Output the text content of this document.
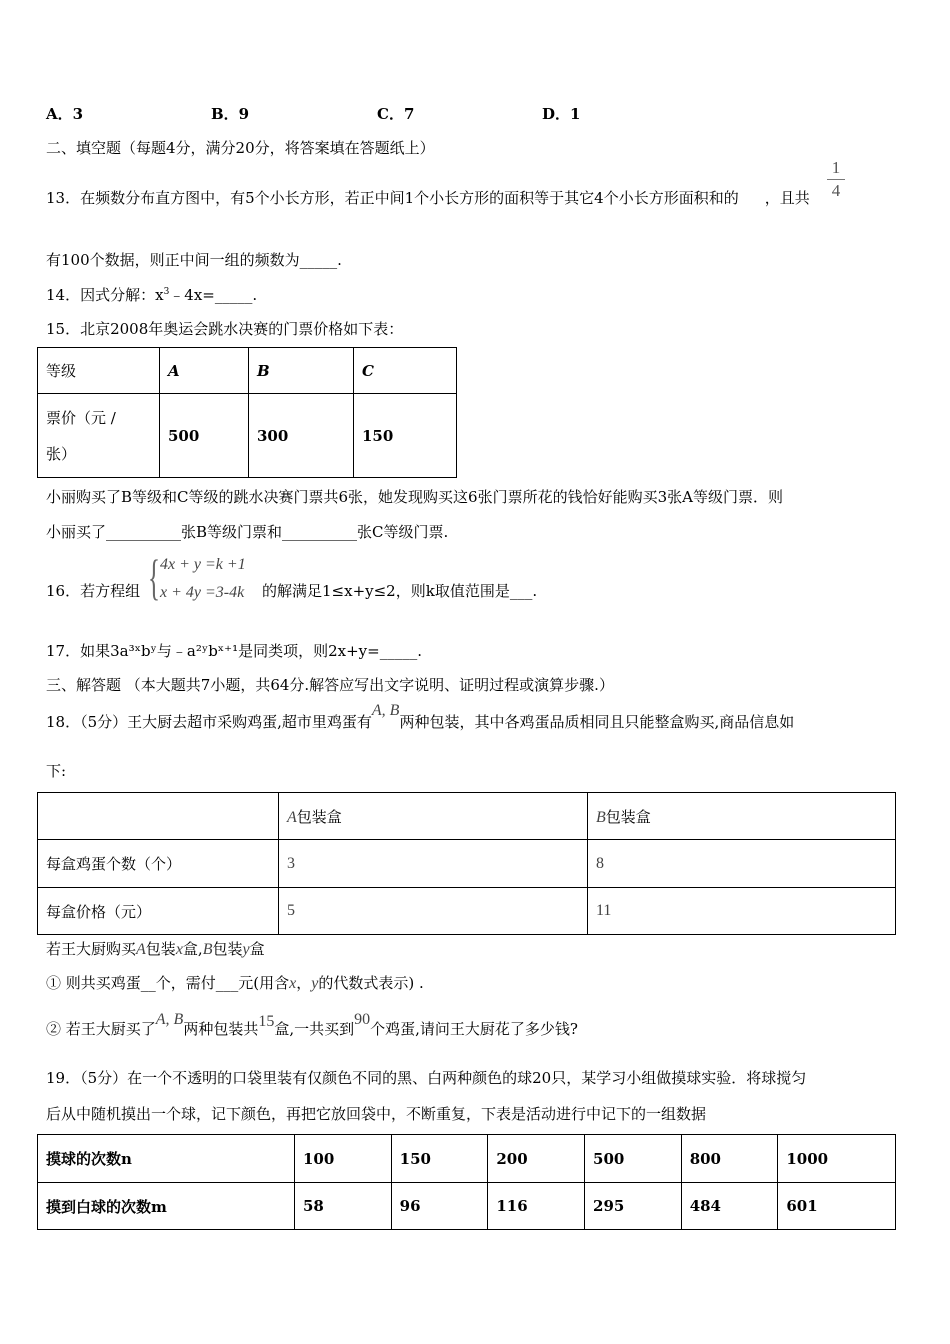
A．3	B．9	C．7	D．1
二、填空题（每题4分，满分20分，将答案填在答题纸上）
13．在频数分布直方图中，有5个小长方形，若正中间1个小长方形的面积等于其它4个小长方形面积和的 ，且共
1
4
有100个数据，则正中间一组的频数为_____.
14．因式分解：$x^3﹣4x=\_\_\_\_\_$.
15．北京2008年奥运会跳水决赛的门票价格如下表：
等级	A	B	C

票价（元 /
张）	500	300	150
小丽购买了B等级和C等级的跳水决赛门票共6张，她发现购买这6张门票所花的钱恰好能购买3张A等级门票．则
小丽买了__________张B等级门票和__________张C等级门票.
16．若方程组 { 4x + y =k +1
x + 4y =3-4k 的解满足1≤x+y≤2，则k取值范围是___.
17．如果3a³ˣbʸ与﹣a²ʸbˣ⁺¹是同类项，则2x+y=_____.
三、解答题 （本大题共7小题，共64分.解答应写出文字说明、证明过程或演算步骤.）
18．（5分）王大厨去超市采购鸡蛋,超市里鸡蛋有A, B两种包装，其中各鸡蛋品质相同且只能整盒购买,商品信息如
下:
	A包装盒	B包装盒
每盒鸡蛋个数（个）	3	8
每盒价格（元）	5	11
若王大厨购买A包装x盒,B包装y盒
① 则共买鸡蛋__个，需付___元(用含x，y的代数式表示) .
② 若王大厨买了A, B两种包装共15盒,一共买到90个鸡蛋,请问王大厨花了多少钱?
19．（5分）在一个不透明的口袋里装有仅颜色不同的黑、白两种颜色的球20只，某学习小组做摸球实验．将球搅匀
后从中随机摸出一个球，记下颜色，再把它放回袋中，不断重复，下表是活动进行中记下的一组数据
摸球的次数n	100	150	200	500	800	1000
摸到白球的次数m	58	96	116	295	484	601
